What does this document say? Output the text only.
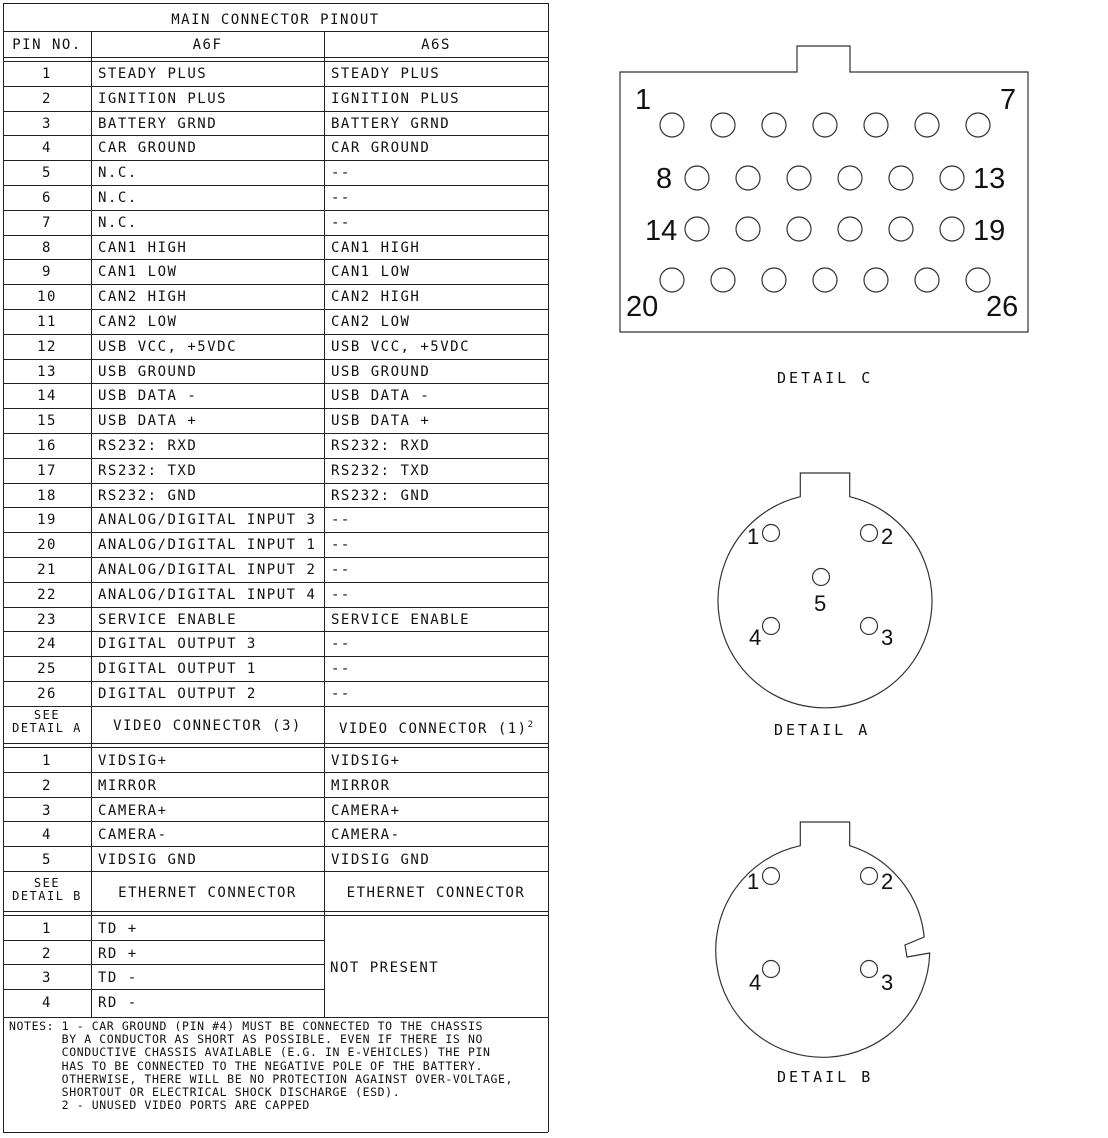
MAIN CONNECTOR PINOUT
PIN NO.	A6F	A6S
1	STEADY PLUS	STEADY PLUS
2	IGNITION PLUS	IGNITION PLUS
3	BATTERY GRND	BATTERY GRND
4	CAR GROUND	CAR GROUND
5	N.C.	--
6	N.C.	--
7	N.C.	--
8	CAN1 HIGH	CAN1 HIGH
9	CAN1 LOW	CAN1 LOW
10	CAN2 HIGH	CAN2 HIGH
11	CAN2 LOW	CAN2 LOW
12	USB VCC, +5VDC	USB VCC, +5VDC
13	USB GROUND	USB GROUND
14	USB DATA -	USB DATA -
15	USB DATA +	USB DATA +
16	RS232: RXD	RS232: RXD
17	RS232: TXD	RS232: TXD
18	RS232: GND	RS232: GND
19	ANALOG/DIGITAL INPUT 3 --
20	ANALOG/DIGITAL INPUT 1 --
21	ANALOG/DIGITAL INPUT 2 --
22	ANALOG/DIGITAL INPUT 4 --
23	SERVICE ENABLE	SERVICE ENABLE
24	DIGITAL OUTPUT 3	--
25	DIGITAL OUTPUT 1	--
26	DIGITAL OUTPUT 2	--
SEE
DETAIL A	VIDEO CONNECTOR (3)	VIDEO CONNECTOR $(1)^2$
1	VIDSIG+	VIDSIG+
2	MIRROR	MIRROR
3	CAMERA+	CAMERA+
4	CAMERA-	CAMERA-
5	VIDSIG GND	VIDSIG GND
SEE
DETAIL B	ETHERNET CONNECTOR	ETHERNET CONNECTOR
1	TD +
2	RD +
3	TD -
4	RD -
NOT PRESENT
NOTES: 1 - CAR GROUND (PIN #4) MUST BE CONNECTED TO THE CHASSIS
BY A CONDUCTOR AS SHORT AS POSSIBLE. EVEN IF THERE IS NO
CONDUCTIVE CHASSIS AVAILABLE (E.G. IN E-VEHICLES) THE PIN
HAS TO BE CONNECTED TO THE NEGATIVE POLE OF THE BATTERY.
OTHERWISE, THERE WILL BE NO PROTECTION AGAINST OVER-VOLTAGE,
SHORTOUT OR ELECTRICAL SHOCK DISCHARGE (ESD).
2 - UNUSED VIDEO PORTS ARE CAPPED
1	7
8	13
14	19
20	26
1	2
5
4	3
1	2
4	3
DETAIL C
DETAIL A
DETAIL B
